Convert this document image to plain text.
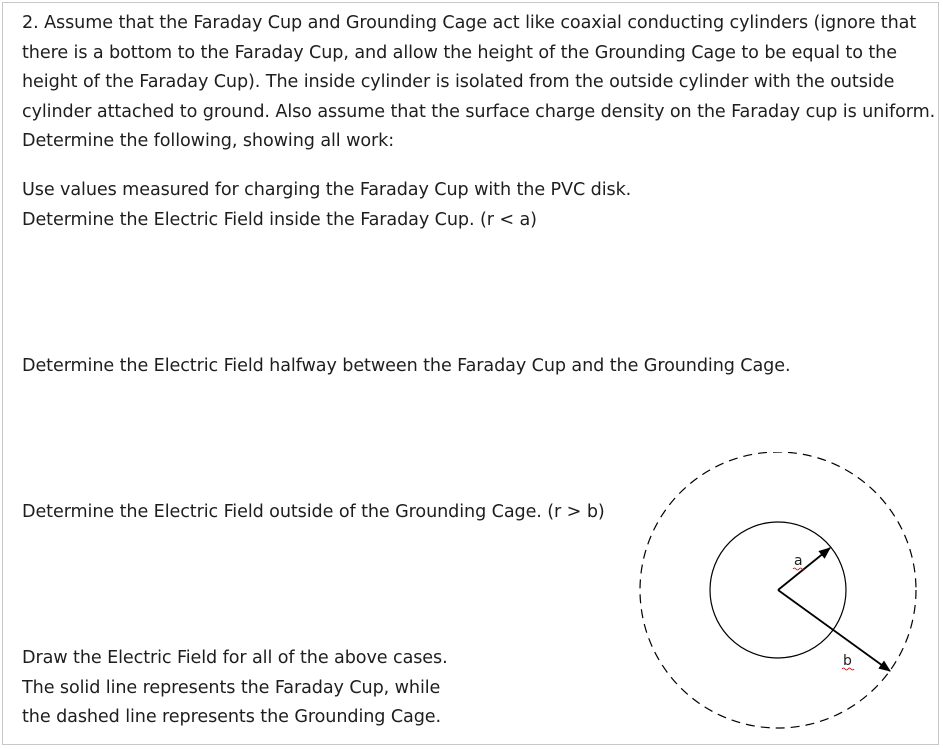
2. Assume that the Faraday Cup and Grounding Cage act like coaxial conducting cylinders (ignore that
there is a bottom to the Faraday Cup, and allow the height of the Grounding Cage to be equal to the
height of the Faraday Cup). The inside cylinder is isolated from the outside cylinder with the outside
cylinder attached to ground. Also assume that the surface charge density on the Faraday cup is uniform.
Determine the following, showing all work:
Use values measured for charging the Faraday Cup with the PVC disk.
Determine the Electric Field inside the Faraday Cup. (r < a)
Determine the Electric Field halfway between the Faraday Cup and the Grounding Cage.
Determine the Electric Field outside of the Grounding Cage. (r > b)
Draw the Electric Field for all of the above cases.
The solid line represents the Faraday Cup, while
the dashed line represents the Grounding Cage.
a
b
